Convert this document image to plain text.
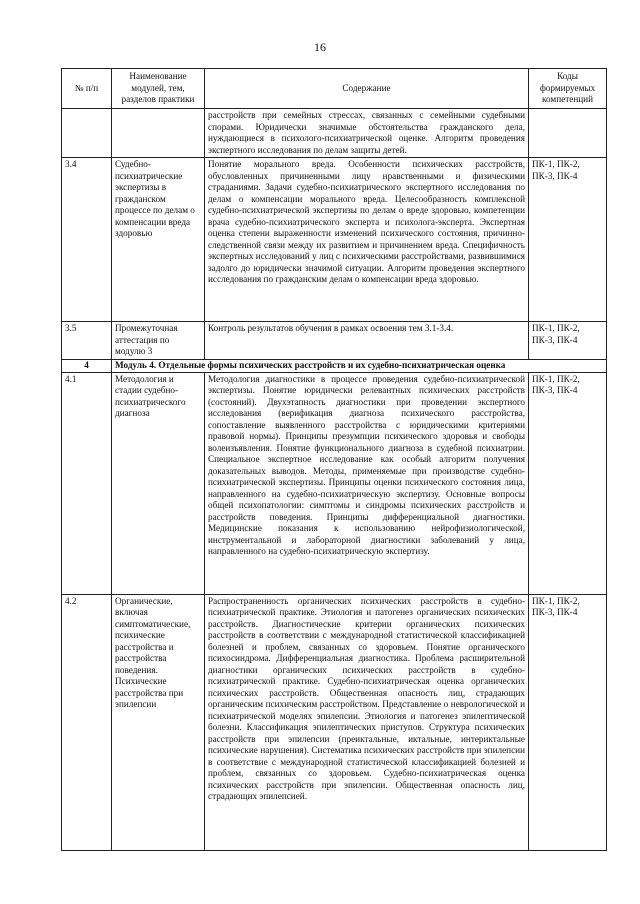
16
№ п/п	Наименование модулей, тем, разделов практики	Содержание	Коды формируемых компетенций
		расстройств при семейных стрессах, связанных с семейными судебными спорами. Юридически значимые обстоятельства гражданского дела, нуждающиеся в психолого-психиатрической оценке. Алгоритм проведения экспертного исследования по делам защиты детей.	
3.4	Судебно-психиатрические экспертизы в гражданском процессе по делам о компенсации вреда здоровью	Понятие морального вреда. Особенности психических расстройств, обусловленных причиненными лицу нравственными и физическими страданиями. Задачи судебно-психиатрического экспертного исследования по делам о компенсации морального вреда. Целесообразность комплексной судебно-психиатрической экспертизы по делам о вреде здоровью, компетенции врача судебно-психиатрического эксперта и психолога-эксперта. Экспертная оценка степени выраженности изменений психического состояния, причинно-следственной связи между их развитием и причинением вреда. Специфичность экспертных исследований у лиц с психическими расстройствами, развившимися задолго до юридически значимой ситуации. Алгоритм проведения экспертного исследования по гражданским делам о компенсации вреда здоровью.	ПК-1, ПК-2, ПК-3, ПК-4
3.5	Промежуточная аттестация по модулю 3	Контроль результатов обучения в рамках освоения тем 3.1-3.4.	ПК-1, ПК-2, ПК-3, ПК-4
4	Модуль 4. Отдельные формы психических расстройств и их судебно-психиатрическая оценка		
4.1	Методология и стадии судебно-психиатрического диагноза	Методология диагностики в процессе проведения судебно-психиатрической экспертизы. Понятие юридически релевантных психических расстройств (состояний). Двухэтапность диагностики при проведении экспертного исследования (верификация диагноза психического расстройства, сопоставление выявленного расстройства с юридическими критериями правовой нормы). Принципы презумпции психического здоровья и свободы волеизъявления. Понятие функционального диагноза в судебной психиатрии. Специальное экспертное исследование как особый алгоритм получения доказательных выводов. Методы, применяемые при производстве судебно-психиатрической экспертизы. Принципы оценки психического состояния лица, направленного на судебно-психиатрическую экспертизу. Основные вопросы общей психопатологии: симптомы и синдромы психических расстройств и расстройств поведения. Принципы дифференциальной диагностики. Медицинские показания к использованию нейрофизиологической, инструментальной и лабораторной диагностики заболеваний у лица, направленного на судебно-психиатрическую экспертизу.	ПК-1, ПК-2, ПК-3, ПК-4
4.2	Органические, включая симптоматические, психические расстройства и расстройства поведения. Психические расстройства при эпилепсии	Распространенность органических психических расстройств в судебно-психиатрической практике. Этиология и патогенез органических психических расстройств. Диагностические критерии органических психических расстройств в соответствии с международной статистической классификацией болезней и проблем, связанных со здоровьем. Понятие органического психосиндрома. Дифференциальная диагностика. Проблема расширительной диагностики органических психических расстройств в судебно-психиатрической практике. Судебно-психиатрическая оценка органических психических расстройств. Общественная опасность лиц, страдающих органическим психическим расстройством. Представление о неврологической и психиатрической моделях эпилепсии. Этиология и патогенез эпилептической болезни. Классификация эпилептических приступов. Структура психических расстройств при эпилепсии (преиктальные, иктальные, интериктальные психические нарушения). Систематика психических расстройств при эпилепсии в соответствие с международной статистической классификацией болезней и проблем, связанных со здоровьем. Судебно-психиатрическая оценка психических расстройств при эпилепсии. Общественная опасность лиц, страдающих эпилепсией.	ПК-1, ПК-2, ПК-3, ПК-4
